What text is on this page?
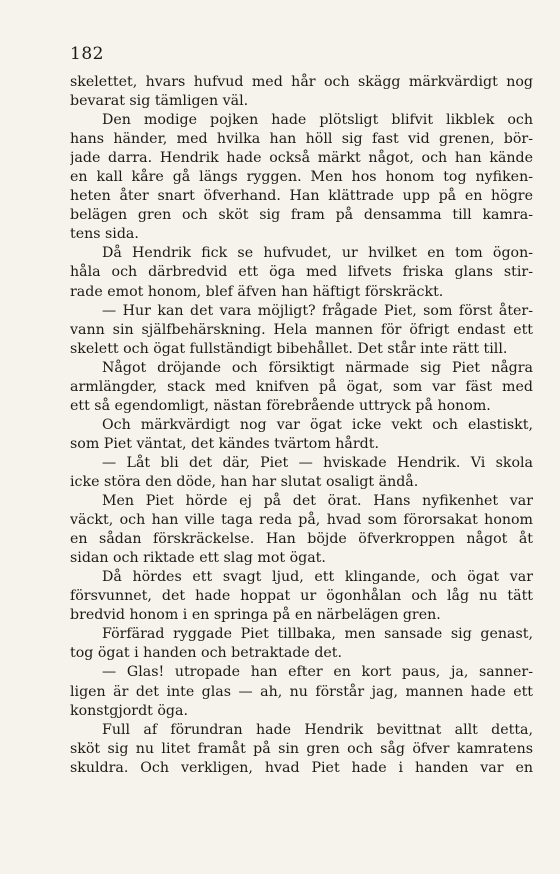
182
skelettet, hvars hufvud med hår och skägg märkvärdigt nog
bevarat sig tämligen väl.
Den modige pojken hade plötsligt blifvit likblek och
hans händer, med hvilka han höll sig fast vid grenen, bör-
jade darra. Hendrik hade också märkt något, och han kände
en kall kåre gå längs ryggen. Men hos honom tog nyfiken-
heten åter snart öfverhand. Han klättrade upp på en högre
belägen gren och sköt sig fram på densamma till kamra-
tens sida.
Då Hendrik fick se hufvudet, ur hvilket en tom ögon-
håla och därbredvid ett öga med lifvets friska glans stir-
rade emot honom, blef äfven han häftigt förskräckt.
— Hur kan det vara möjligt? frågade Piet, som först åter-
vann sin själfbehärskning. Hela mannen för öfrigt endast ett
skelett och ögat fullständigt bibehållet. Det står inte rätt till.
Något dröjande och försiktigt närmade sig Piet några
armlängder, stack med knifven på ögat, som var fäst med
ett så egendomligt, nästan förebrående uttryck på honom.
Och märkvärdigt nog var ögat icke vekt och elastiskt,
som Piet väntat, det kändes tvärtom hårdt.
— Låt bli det där, Piet — hviskade Hendrik. Vi skola
icke störa den döde, han har slutat osaligt ändå.
Men Piet hörde ej på det örat. Hans nyfikenhet var
väckt, och han ville taga reda på, hvad som förorsakat honom
en sådan förskräckelse. Han böjde öfverkroppen något åt
sidan och riktade ett slag mot ögat.
Då hördes ett svagt ljud, ett klingande, och ögat var
försvunnet, det hade hoppat ur ögonhålan och låg nu tätt
bredvid honom i en springa på en närbelägen gren.
Förfärad ryggade Piet tillbaka, men sansade sig genast,
tog ögat i handen och betraktade det.
— Glas! utropade han efter en kort paus, ja, sanner-
ligen är det inte glas — ah, nu förstår jag, mannen hade ett
konstgjordt öga.
Full af förundran hade Hendrik bevittnat allt detta,
sköt sig nu litet framåt på sin gren och såg öfver kamratens
skuldra. Och verkligen, hvad Piet hade i handen var en
